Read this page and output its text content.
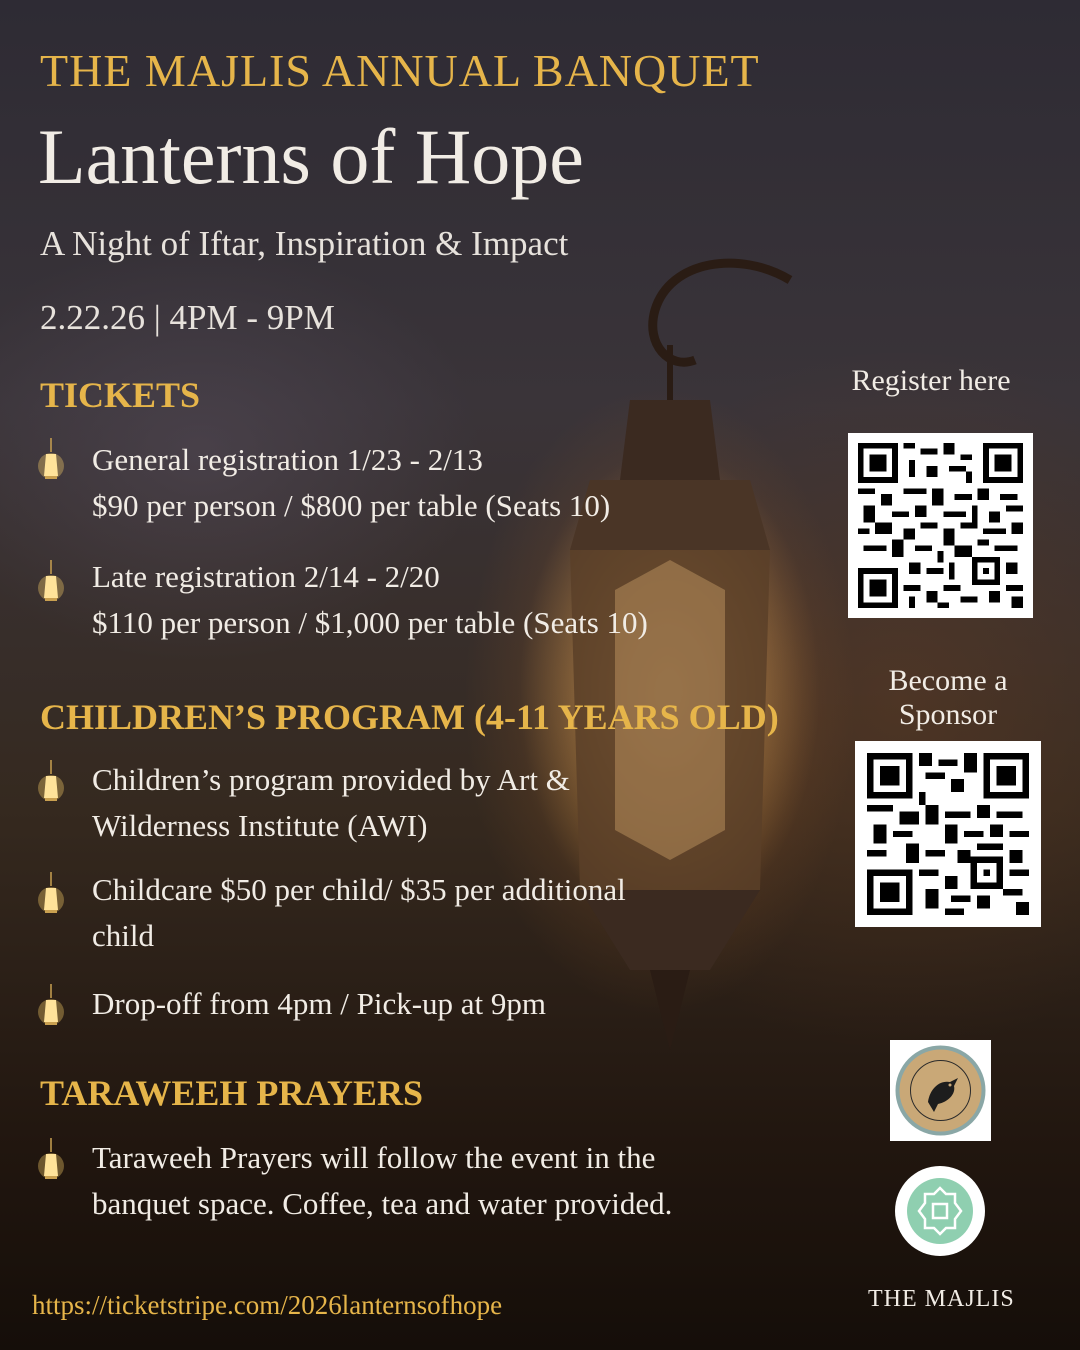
THE MAJLIS ANNUAL BANQUET
Lanterns of Hope
A Night of Iftar, Inspiration & Impact
2.22.26 | 4PM - 9PM
TICKETS
General registration 1/23 - 2/13
$90 per person / $800 per table (Seats 10)
Late registration 2/14 - 2/20
$110 per person / $1,000 per table (Seats 10)
CHILDREN’S PROGRAM (4-11 YEARS OLD)
Children’s program provided by Art &
Wilderness Institute (AWI)
Childcare $50 per child/ $35 per additional
child
Drop-off from 4pm / Pick-up at 9pm
TARAWEEH PRAYERS
Taraweeh Prayers will follow the event in the
banquet space. Coffee, tea and water provided.
Register here
Become a
Sponsor
THE MAJLIS
https://ticketstripe.com/2026lanternsofhope
